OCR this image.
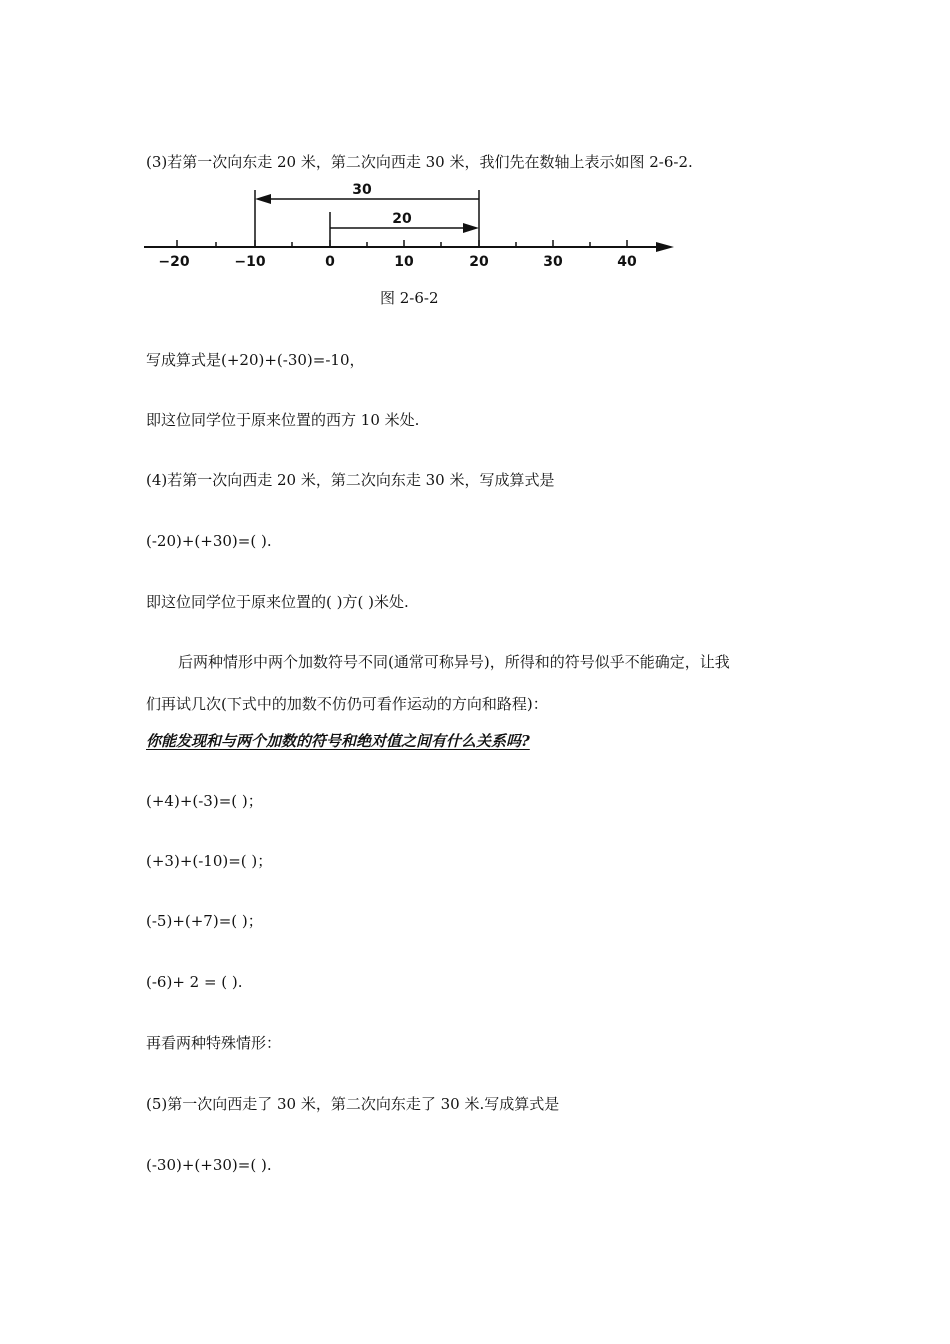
(3)若第一次向东走 20 米，第二次向西走 30 米，我们先在数轴上表示如图 2-6-2.
30
20
−20	−10	0	10	20	30	40
图 2-6-2
写成算式是(+20)+(-30)=-10，
即这位同学位于原来位置的西方 10 米处.
(4)若第一次向西走 20 米，第二次向东走 30 米，写成算式是
(-20)+(+30)=( ).
即这位同学位于原来位置的( )方( )米处.
后两种情形中两个加数符号不同(通常可称异号)，所得和的符号似乎不能确定，让我
们再试几次(下式中的加数不仿仍可看作运动的方向和路程)：
你能发现和与两个加数的符号和绝对值之间有什么关系吗?
(+4)+(-3)=( )；
(+3)+(-10)=( )；
(-5)+(+7)=( )；
(-6)+ 2 = ( ).
再看两种特殊情形：
(5)第一次向西走了 30 米，第二次向东走了 30 米.写成算式是
(-30)+(+30)=( ).
